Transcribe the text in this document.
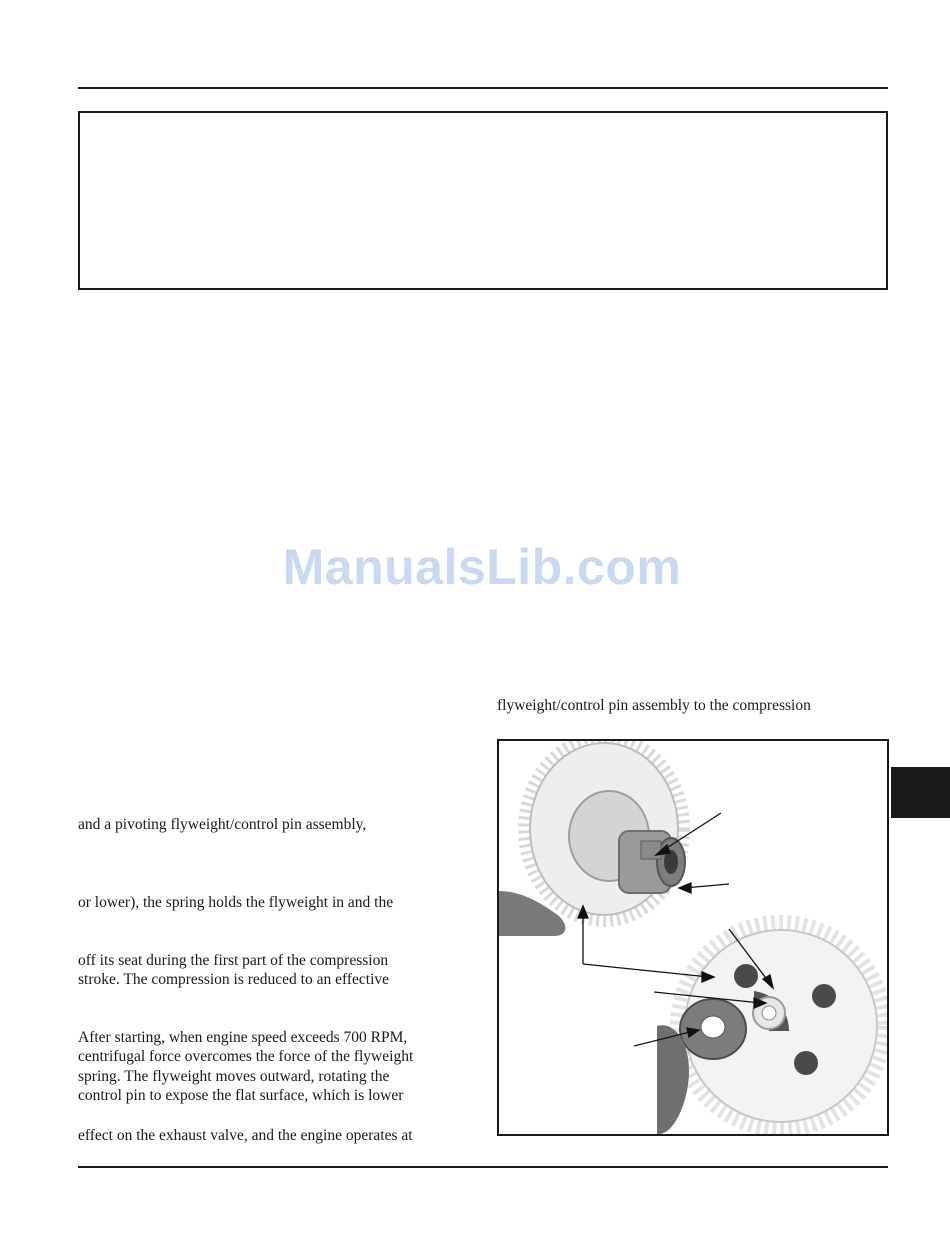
ManualsLib.com
and a pivoting flyweight/control pin assembly,
or lower), the spring holds the flyweight in and the
off its seat during the first part of the compression
stroke. The compression is reduced to an effective
After starting, when engine speed exceeds 700 RPM,
centrifugal force overcomes the force of the flyweight
spring. The flyweight moves outward, rotating the
control pin to expose the flat surface, which is lower
effect on the exhaust valve, and the engine operates at
flyweight/control pin assembly to the compression
